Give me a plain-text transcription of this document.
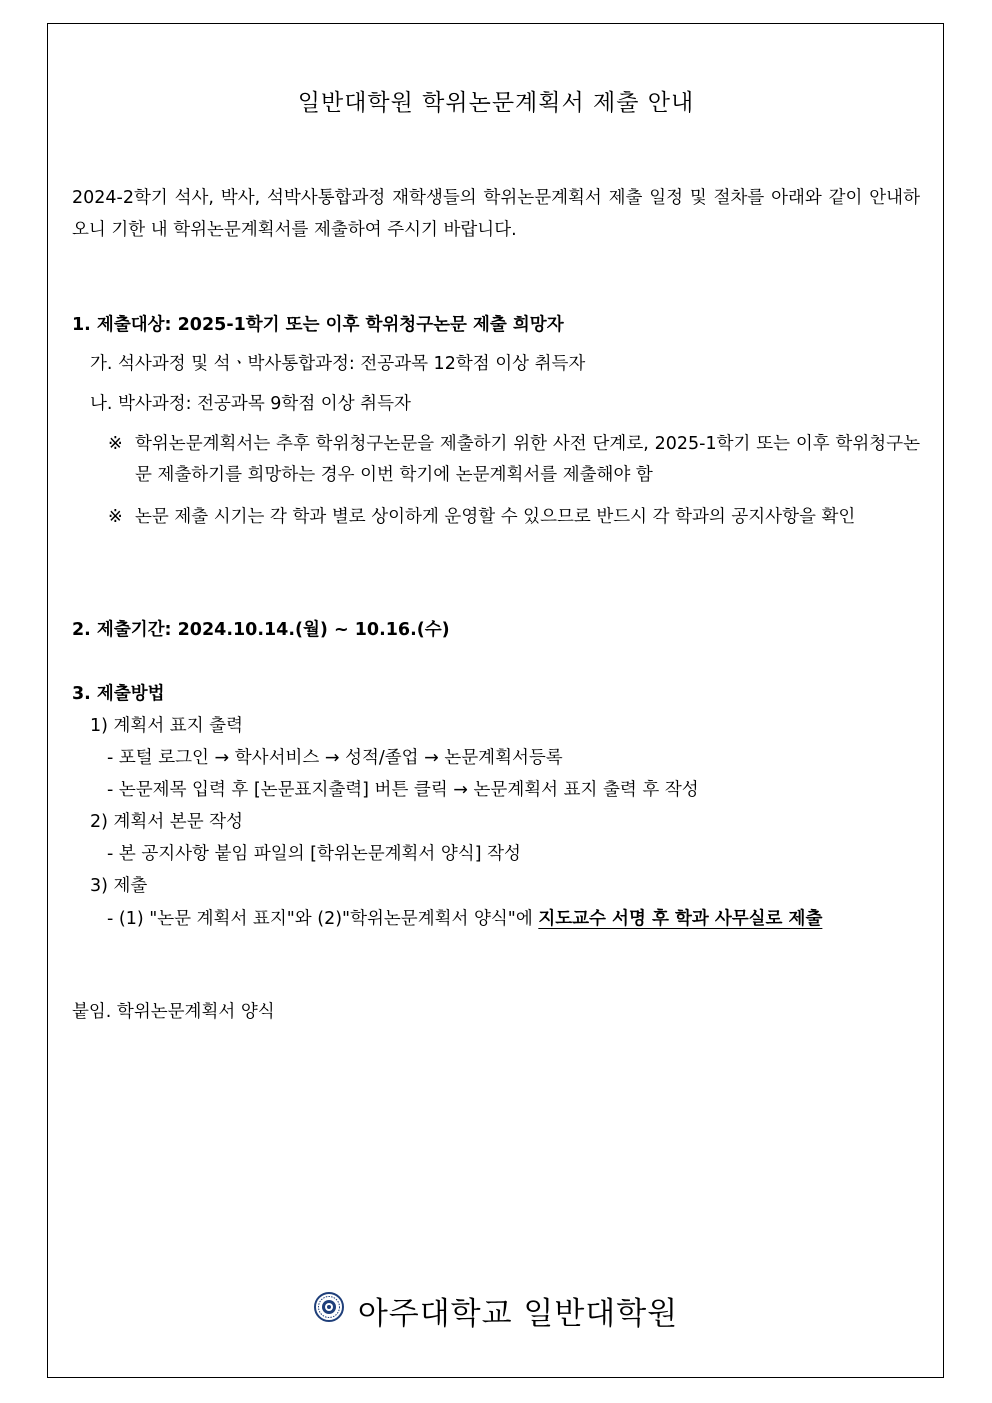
일반대학원 학위논문계획서 제출 안내
2024-2학기 석사, 박사, 석박사통합과정 재학생들의 학위논문계획서 제출 일정 및 절차를 아래와 같이 안내하오니 기한 내 학위논문계획서를 제출하여 주시기 바랍니다.
1. 제출대상: 2025-1학기 또는 이후 학위청구논문 제출 희망자
가. 석사과정 및 석ㆍ박사통합과정: 전공과목 12학점 이상 취득자
나. 박사과정: 전공과목 9학점 이상 취득자
※ 학위논문계획서는 추후 학위청구논문을 제출하기 위한 사전 단계로, 2025-1학기 또는 이후 학위청구논문 제출하기를 희망하는 경우 이번 학기에 논문계획서를 제출해야 함
※ 논문 제출 시기는 각 학과 별로 상이하게 운영할 수 있으므로 반드시 각 학과의 공지사항을 확인
2. 제출기간: 2024.10.14.(월) ~ 10.16.(수)
3. 제출방법
1) 계획서 표지 출력
- 포털 로그인 → 학사서비스 → 성적/졸업 → 논문계획서등록
- 논문제목 입력 후 [논문표지출력] 버튼 클릭 → 논문계획서 표지 출력 후 작성
2) 계획서 본문 작성
- 본 공지사항 붙임 파일의 [학위논문계획서 양식] 작성
3) 제출
- (1) "논문 계획서 표지"와 (2)"학위논문계획서 양식"에 지도교수 서명 후 학과 사무실로 제출
붙임. 학위논문계획서 양식
아주대학교 일반대학원
